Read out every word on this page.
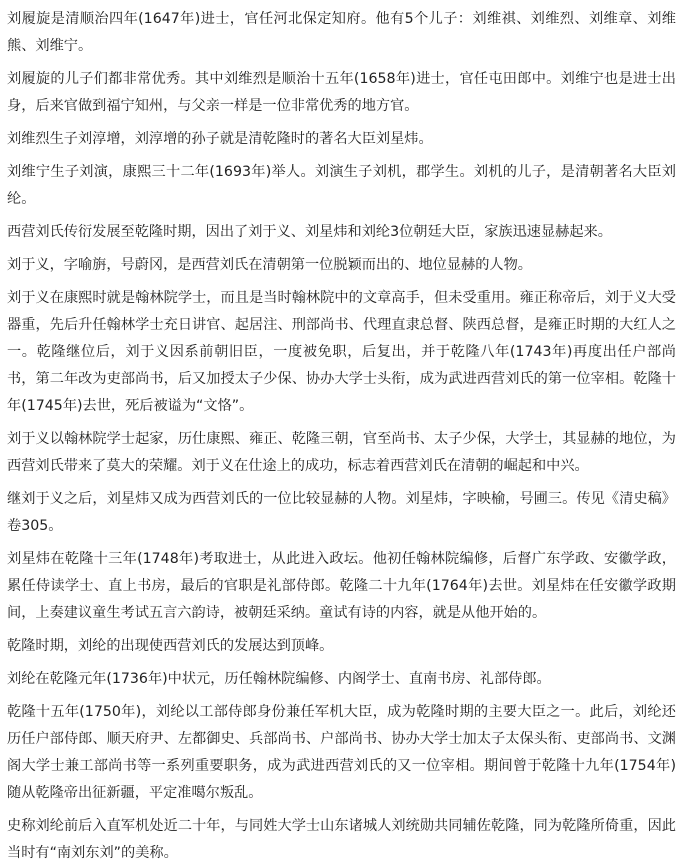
刘履旋是清顺治四年(1647年)进士，官任河北保定知府。他有5个儿子：刘维祺、刘维烈、刘维章、刘维熊、刘维宁。

刘履旋的儿子们都非常优秀。其中刘维烈是顺治十五年(1658年)进士，官任屯田郎中。刘维宁也是进士出身，后来官做到福宁知州，与父亲一样是一位非常优秀的地方官。

刘维烈生子刘淳增，刘淳增的孙子就是清乾隆时的著名大臣刘星炜。

刘维宁生子刘演，康熙三十二年(1693年)举人。刘演生子刘机，郡学生。刘机的儿子，是清朝著名大臣刘纶。

西营刘氏传衍发展至乾隆时期，因出了刘于义、刘星炜和刘纶3位朝廷大臣，家族迅速显赫起来。

刘于义，字喻旃，号蔚冈，是西营刘氏在清朝第一位脱颖而出的、地位显赫的人物。

刘于义在康熙时就是翰林院学士，而且是当时翰林院中的文章高手，但未受重用。雍正称帝后，刘于义大受器重，先后升任翰林学士充日讲官、起居注、刑部尚书、代理直隶总督、陕西总督，是雍正时期的大红人之一。乾隆继位后，刘于义因系前朝旧臣，一度被免职，后复出，并于乾隆八年(1743年)再度出任户部尚书，第二年改为吏部尚书，后又加授太子少保、协办大学士头衔，成为武进西营刘氏的第一位宰相。乾隆十年(1745年)去世，死后被谥为“文恪”。

刘于义以翰林院学士起家，历仕康熙、雍正、乾隆三朝，官至尚书、太子少保，大学士，其显赫的地位，为西营刘氏带来了莫大的荣耀。刘于义在仕途上的成功，标志着西营刘氏在清朝的崛起和中兴。

继刘于义之后，刘星炜又成为西营刘氏的一位比较显赫的人物。刘星炜，字映榆，号圃三。传见《清史稿》卷305。

刘星炜在乾隆十三年(1748年)考取进士，从此进入政坛。他初任翰林院编修，后督广东学政、安徽学政，累任侍读学士、直上书房，最后的官职是礼部侍郎。乾隆二十九年(1764年)去世。刘星炜在任安徽学政期间，上奏建议童生考试五言六韵诗，被朝廷采纳。童试有诗的内容，就是从他开始的。

乾隆时期，刘纶的出现使西营刘氏的发展达到顶峰。

刘纶在乾隆元年(1736年)中状元，历任翰林院编修、内阁学士、直南书房、礼部侍郎。

乾隆十五年(1750年)，刘纶以工部侍郎身份兼任军机大臣，成为乾隆时期的主要大臣之一。此后，刘纶还历任户部侍郎、顺天府尹、左都御史、兵部尚书、户部尚书、协办大学士加太子太保头衔、吏部尚书、文渊阁大学士兼工部尚书等一系列重要职务，成为武进西营刘氏的又一位宰相。期间曾于乾隆十九年(1754年)随从乾隆帝出征新疆，平定准噶尔叛乱。

史称刘纶前后入直军机处近二十年，与同姓大学士山东诸城人刘统勋共同辅佐乾隆，同为乾隆所倚重，因此当时有“南刘东刘”的美称。
